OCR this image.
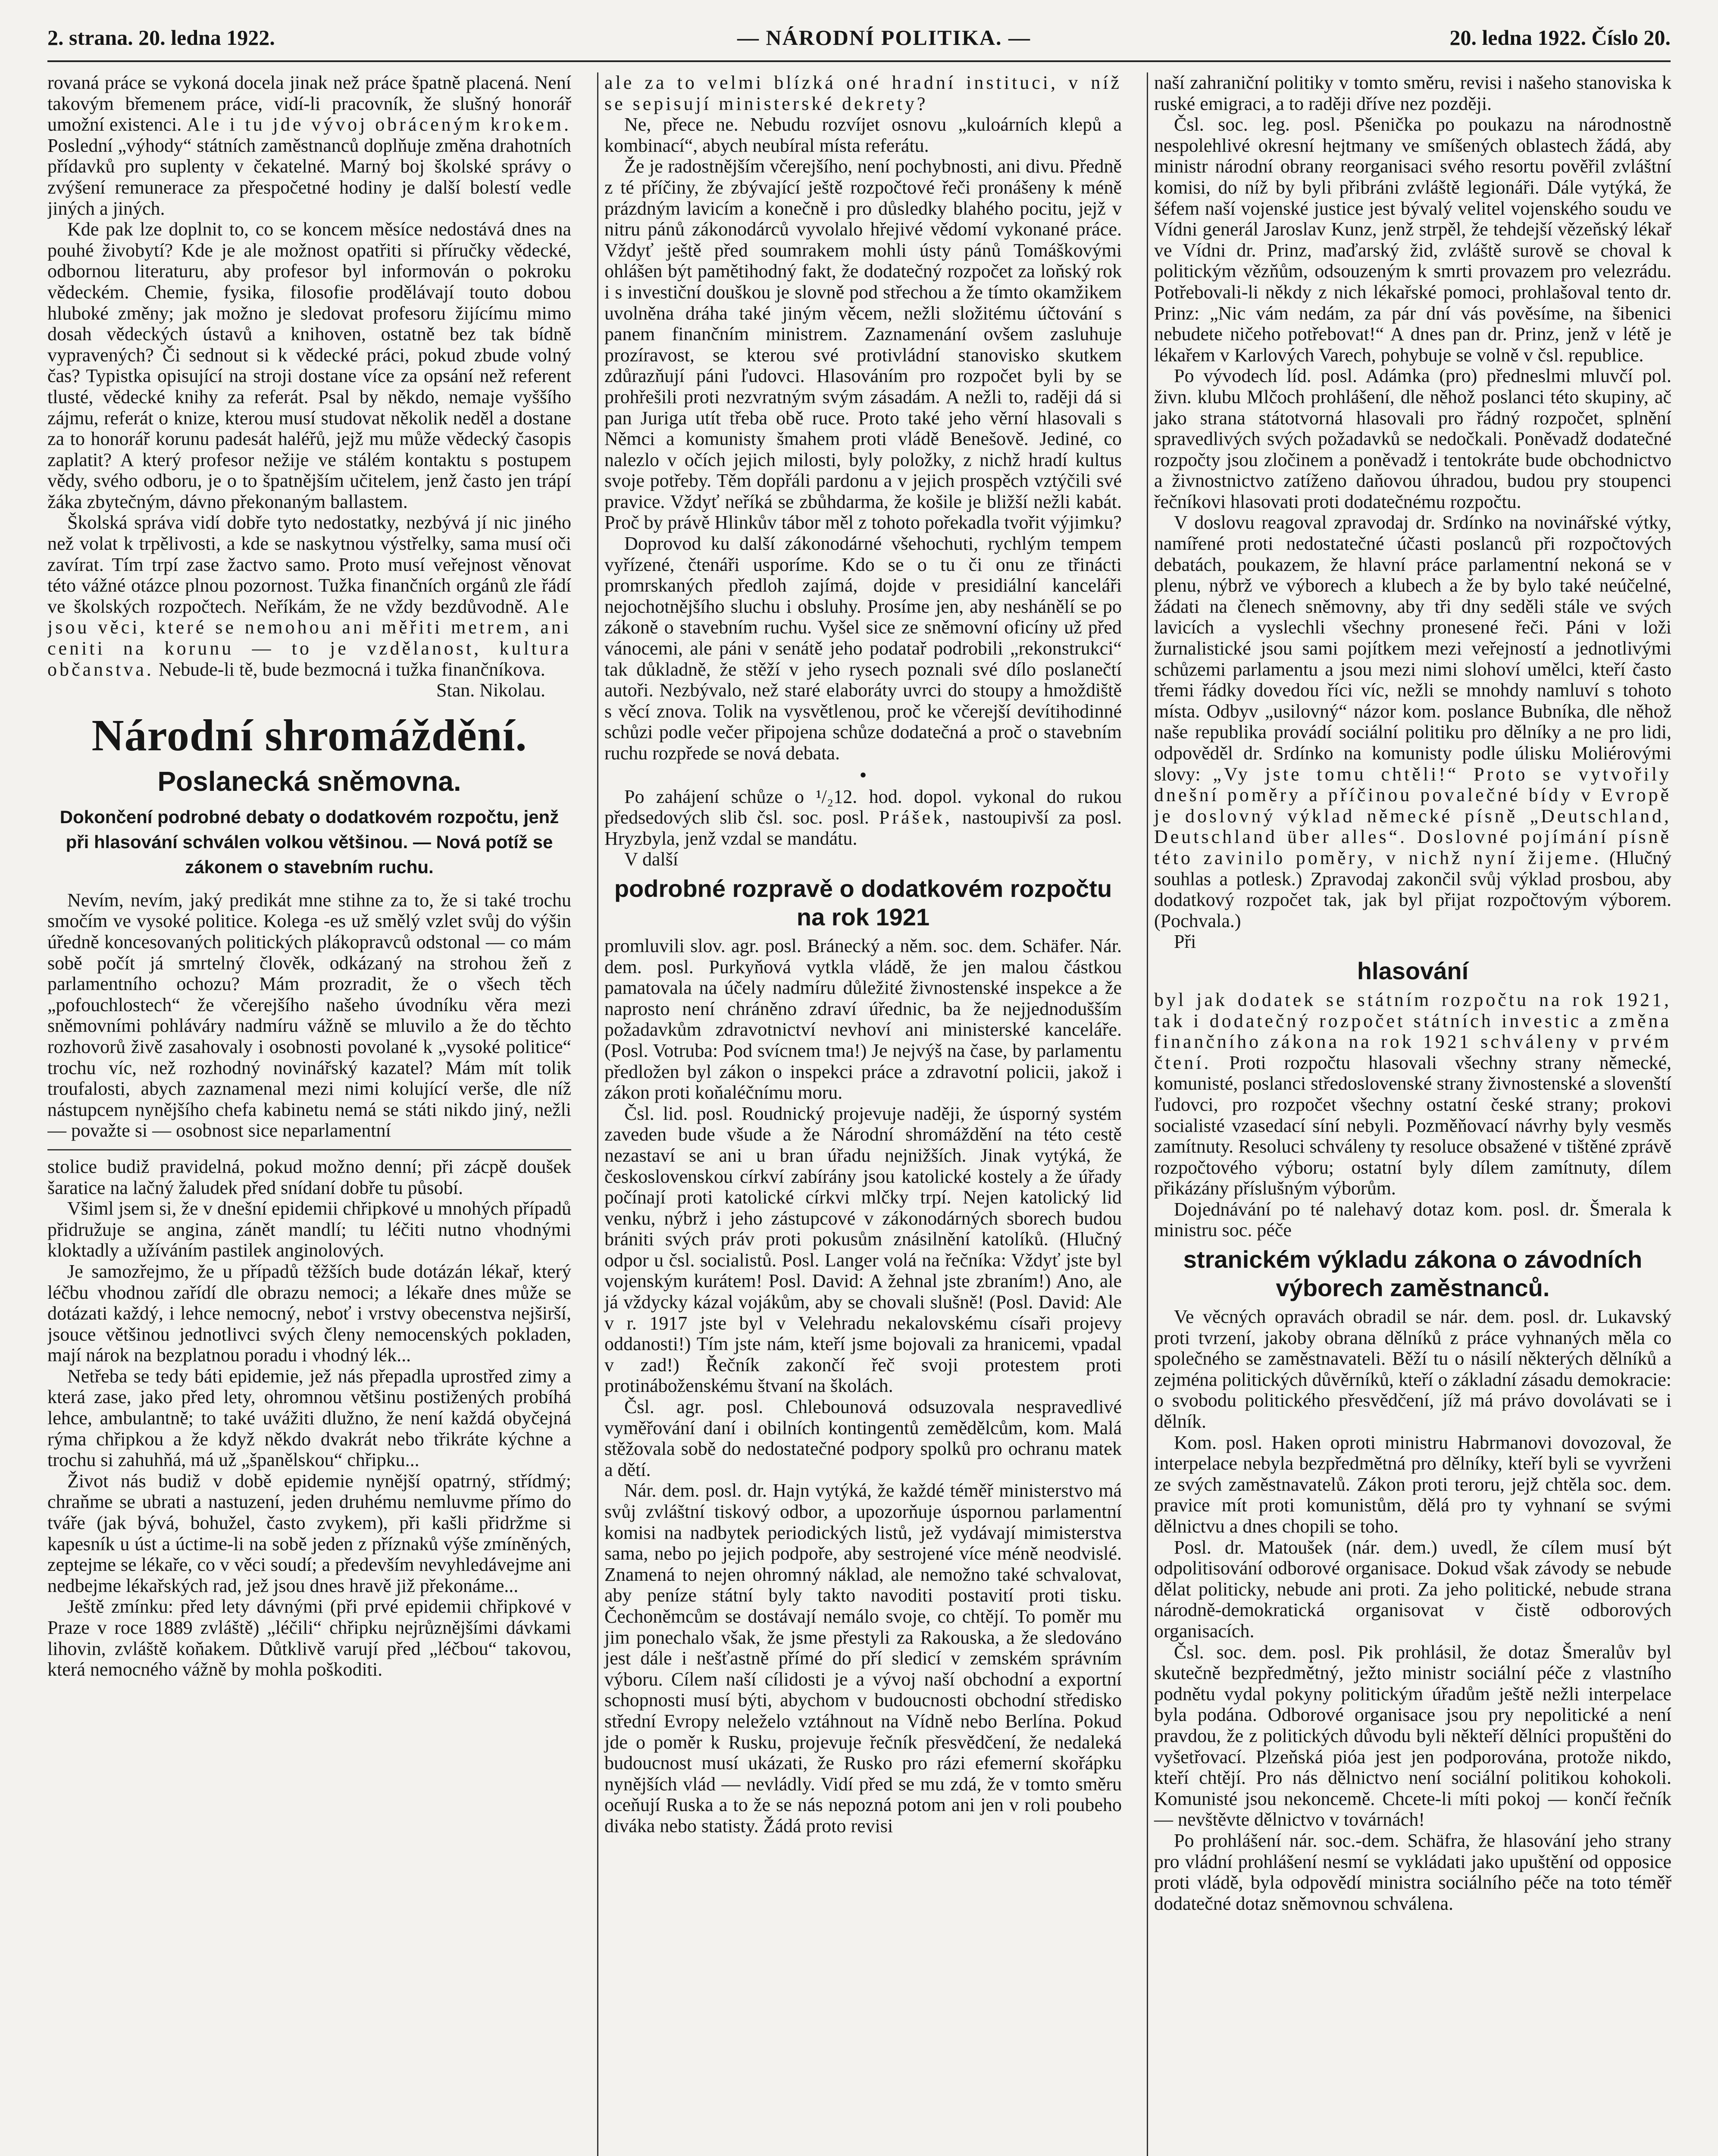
2. strana. 20. ledna 1922.	— NÁRODNÍ POLITIKA. —	20. ledna 1922. Číslo 20.

rovaná práce se vykoná docela jinak než práce špatně placená. Není takovým břemenem práce, vidí-li pracovník, že slušný honorář umožní existenci. Ale i tu jde vývoj obráceným krokem. Poslední „výhody“ státních zaměstnanců doplňuje změna drahotních přídavků pro suplenty v čekatelné. Marný boj školské správy o zvýšení remunerace za přespočetné hodiny je další bolestí vedle jiných a jiných.

Kde pak lze doplnit to, co se koncem měsíce nedostává dnes na pouhé živobytí? Kde je ale možnost opatřiti si příručky vědecké, odbornou literaturu, aby profesor byl informován o pokroku vědeckém. Chemie, fysika, filosofie prodělávají touto dobou hluboké změny; jak možno je sledovat profesoru žijícímu mimo dosah vědeckých ústavů a knihoven, ostatně bez tak bídně vypravených? Či sednout si k vědecké práci, pokud zbude volný čas? Typistka opisující na stroji dostane více za opsání než referent tlusté, vědecké knihy za referát. Psal by někdo, nemaje vyššího zájmu, referát o knize, kterou musí studovat několik neděl a dostane za to honorář korunu padesát haléřů, jejž mu může vědecký časopis zaplatit? A který profesor nežije ve stálém kontaktu s postupem vědy, svého odboru, je o to špatnějším učitelem, jenž často jen trápí žáka zbytečným, dávno překonaným ballastem.

Školská správa vidí dobře tyto nedostatky, nezbývá jí nic jiného než volat k trpělivosti, a kde se naskytnou výstřelky, sama musí oči zavírat. Tím trpí zase žactvo samo. Proto musí veřejnost věnovat této vážné otázce plnou pozornost. Tužka finančních orgánů zle řádí ve školských rozpočtech. Neříkám, že ne vždy bezdůvodně. Ale jsou věci, které se nemohou ani měřiti metrem, ani ceniti na korunu — to je vzdělanost, kultura občanstva. Nebude-li tě, bude bezmocná i tužka finančníkova.

Stan. Nikolau.

Národní shromáždění.
Poslanecká sněmovna.
Dokončení podrobné debaty o dodatkovém rozpočtu, jenž při hlasování schválen volkou většinou. — Nová potíž se zákonem o stavebním ruchu.

Nevím, nevím, jaký predikát mne stihne za to, že si také trochu smočím ve vysoké politice. Kolega -es už smělý vzlet svůj do výšin úředně koncesovaných politických plákopravců odstonal — co mám sobě počít já smrtelný člověk, odkázaný na strohou žeň z parlamentního ochozu? Mám prozradit, že o všech těch „pofouchlostech“ že včerejšího našeho úvodníku věra mezi sněmovními pohláváry nadmíru vážně se mluvilo a že do těchto rozhovorů živě zasahovaly i osobnosti povolané k „vysoké politice“ trochu víc, než rozhodný novinářský kazatel? Mám mít tolik troufalosti, abych zaznamenal mezi nimi kolující verše, dle níž nástupcem nynějšího chefa kabinetu nemá se státi nikdo jiný, nežli — považte si — osobnost sice neparlamentní

stolice budiž pravidelná, pokud možno denní; při zácpě doušek šaratice na lačný žaludek před snídaní dobře tu působí.

Všiml jsem si, že v dnešní epidemii chřipkové u mnohých případů přidružuje se angina, zánět mandlí; tu léčiti nutno vhodnými kloktadly a užíváním pastilek anginolových.

Je samozřejmo, že u případů těžších bude dotázán lékař, který léčbu vhodnou zařídí dle obrazu nemoci; a lékaře dnes může se dotázati každý, i lehce nemocný, neboť i vrstvy obecenstva nejširší, jsouce většinou jednotlivci svých členy nemocenských pokladen, mají nárok na bezplatnou poradu i vhodný lék...

Netřeba se tedy báti epidemie, jež nás přepadla uprostřed zimy a která zase, jako před lety, ohromnou většinu postižených probíhá lehce, ambulantně; to také uvážiti dlužno, že není každá obyčejná rýma chřipkou a že když někdo dvakrát nebo třikráte kýchne a trochu si zahuhňá, má už „španělskou“ chřipku...

Život nás budiž v době epidemie nynější opatrný, střídmý; chraňme se ubrati a nastuzení, jeden druhému nemluvme přímo do tváře (jak bývá, bohužel, často zvykem), při kašli přidržme si kapesník u úst a úctime-li na sobě jeden z příznaků výše zmíněných, zeptejme se lékaře, co v věci soudí; a především nevyhledávejme ani nedbejme lékařských rad, jež jsou dnes hravě již překonáme...

Ještě zmínku: před lety dávnými (při prvé epidemii chřipkové v Praze v roce 1889 zvláště) „léčili“ chřipku nejrůznějšími dávkami lihovin, zvláště koňakem. Důtklivě varují před „léčbou“ takovou, která nemocného vážně by mohla poškoditi.

ale za to velmi blízká oné hradní instituci, v níž se sepisují ministerské dekrety?

Ne, přece ne. Nebudu rozvíjet osnovu „kuloárních klepů a kombinací“, abych neubíral místa referátu.

Že je radostnějším včerejšího, není pochybnosti, ani divu. Předně z té příčiny, že zbývající ještě rozpočtové řeči pronášeny k méně prázdným lavicím a konečně i pro důsledky blahého pocitu, jejž v nitru pánů zákonodárců vyvolalo hřejivé vědomí vykonané práce. Vždyť ještě před soumrakem mohli ústy pánů Tomáškovými ohlášen být pamětihodný fakt, že dodatečný rozpočet za loňský rok i s investiční douškou je slovně pod střechou a že tímto okamžikem uvolněna dráha také jiným věcem, nežli složitému účtování s panem finančním ministrem. Zaznamenání ovšem zasluhuje prozíravost, se kterou své protivládní stanovisko skutkem zdůrazňují páni ľudovci. Hlasováním pro rozpočet byli by se prohřešili proti nezvratným svým zásadám. A nežli to, raději dá si pan Juriga utít třeba obě ruce. Proto také jeho věrní hlasovali s Němci a komunisty šmahem proti vládě Benešově. Jediné, co nalezlo v očích jejich milosti, byly položky, z nichž hradí kultus svoje potřeby. Těm dopřáli pardonu a v jejich prospěch vztýčili své pravice. Vždyť neříká se zbůhdarma, že košile je bližší nežli kabát. Proč by právě Hlinkův tábor měl z tohoto pořekadla tvořit výjimku?

Doprovod ku další zákonodárné všehochuti, rychlým tempem vyřízené, čtenáři usporíme. Kdo se o tu či onu ze třinácti promrskaných předloh zajímá, dojde v presidiální kanceláři nejochotnějšího sluchu i obsluhy. Prosíme jen, aby neshánělí se po zákoně o stavebním ruchu. Vyšel sice ze sněmovní oficíny už před vánocemi, ale páni v senátě jeho podatař podrobili „rekonstrukci“ tak důkladně, že stěží v jeho rysech poznali své dílo poslanečtí autoři. Nezbývalo, než staré elaboráty uvrci do stoupy a hmoždiště s věcí znova. Tolik na vysvětlenou, proč ke včerejší devítihodinné schůzi podle večer připojena schůze dodatečná a proč o stavebním ruchu rozpřede se nová debata.

•

Po zahájení schůze o ¹/₂12. hod. dopol. vykonal do rukou předsedových slib čsl. soc. posl. Prášek, nastoupivší za posl. Hryzbyla, jenž vzdal se mandátu.

V další

podrobné rozpravě o dodatkovém rozpočtu na rok 1921

promluvili slov. agr. posl. Bránecký a něm. soc. dem. Schäfer. Nár. dem. posl. Purkyňová vytkla vládě, že jen malou částkou pamatovala na účely nadmíru důležité živnostenské inspekce a že naprosto není chráněno zdraví úřednic, ba že nejjednodušším požadavkům zdravotnictví nevhoví ani ministerské kanceláře. (Posl. Votruba: Pod svícnem tma!) Je nejvýš na čase, by parlamentu předložen byl zákon o inspekci práce a zdravotní policii, jakož i zákon proti koňaléčnímu moru.

Čsl. lid. posl. Roudnický projevuje naději, že úsporný systém zaveden bude všude a že Národní shromáždění na této cestě nezastaví se ani u bran úřadu nejnižších. Jinak vytýká, že československou církví zabírány jsou katolické kostely a že úřady počínají proti katolické církvi mlčky trpí. Nejen katolický lid venku, nýbrž i jeho zástupcové v zákonodárných sborech budou brániti svých práv proti pokusům znásilnění katolíků. (Hlučný odpor u čsl. socialistů. Posl. Langer volá na řečníka: Vždyť jste byl vojenským kurátem! Posl. David: A žehnal jste zbraním!) Ano, ale já vždycky kázal vojákům, aby se chovali slušně! (Posl. David: Ale v r. 1917 jste byl v Velehradu nekalovskému císaři projevy oddanosti!) Tím jste nám, kteří jsme bojovali za hranicemi, vpadal v zad!) Řečník zakončí řeč svoji protestem proti protináboženskému štvaní na školách.

Čsl. agr. posl. Chlebounová odsuzovala nespravedlivé vyměřování daní i obilních kontingentů zemědělcům, kom. Malá stěžovala sobě do nedostatečné podpory spolků pro ochranu matek a dětí.

Nár. dem. posl. dr. Hajn vytýká, že každé téměř ministerstvo má svůj zvláštní tiskový odbor, a upozorňuje úspornou parlamentní komisi na nadbytek periodických listů, jež vydávají mimisterstva sama, nebo po jejich podpoře, aby sestrojené více méně neodvislé. Znamená to nejen ohromný náklad, ale nemožno také schvalovat, aby peníze státní byly takto navoditi postavití proti tisku. Čechoněmcům se dostávají nemálo svoje, co chtějí. To poměr mu jim ponechalo však, že jsme přestyli za Rakouska, a že sledováno jest dále i nešťastně přímé do pří sledicí v zemském správním výboru. Cílem naší cílidosti je a vývoj naší obchodní a exportní schopnosti musí býti, abychom v budoucnosti obchodní středisko střední Evropy neleželo vztáhnout na Vídně nebo Berlína. Pokud jde o poměr k Rusku, projevuje řečník přesvědčení, že nedaleká budoucnost musí ukázati, že Rusko pro rázi efemerní skořápku nynějších vlád — nevládly. Vidí před se mu zdá, že v tomto směru oceňují Ruska a to že se nás nepozná potom ani jen v roli poubeho diváka nebo statisty. Žádá proto revisi

naší zahraniční politiky v tomto směru, revisi i našeho stanoviska k ruské emigraci, a to raději dříve nez později.

Čsl. soc. leg. posl. Pšenička po poukazu na národnostně nespolehlivé okresní hejtmany ve smíšených oblastech žádá, aby ministr národní obrany reorganisaci svého resortu pověřil zvláštní komisi, do níž by byli přibráni zvláště legionáři. Dále vytýká, že šéfem naší vojenské justice jest bývalý velitel vojenského soudu ve Vídni generál Jaroslav Kunz, jenž strpěl, že tehdejší vězeňský lékař ve Vídni dr. Prinz, maďarský žid, zvláště surově se choval k politickým vězňům, odsouzeným k smrti provazem pro velezrádu. Potřebovali-li někdy z nich lékařské pomoci, prohlašoval tento dr. Prinz: „Nic vám nedám, za pár dní vás pověsíme, na šibenici nebudete ničeho potřebovat!“ A dnes pan dr. Prinz, jenž v létě je lékařem v Karlových Varech, pohybuje se volně v čsl. republice.

Po vývodech líd. posl. Adámka (pro) předneslmi mluvčí pol. živn. klubu Mlčoch prohlášení, dle něhož poslanci této skupiny, ač jako strana státotvorná hlasovali pro řádný rozpočet, splnění spravedlivých svých požadavků se nedočkali. Poněvadž dodatečné rozpočty jsou zločinem a poněvadž i tentokráte bude obchodnictvo a živnostnictvo zatíženo daňovou úhradou, budou pry stoupenci řečníkovi hlasovati proti dodatečnému rozpočtu.

V doslovu reagoval zpravodaj dr. Srdínko na novinářské výtky, namířené proti nedostatečné účasti poslanců při rozpočtových debatách, poukazem, že hlavní práce parlamentní nekoná se v plenu, nýbrž ve výborech a klubech a že by bylo také neúčelné, žádati na členech sněmovny, aby tři dny seděli stále ve svých lavicích a vyslechli všechny pronesené řeči. Páni v loži žurnalistické jsou sami pojítkem mezi veřejností a jednotlivými schůzemi parlamentu a jsou mezi nimi slohoví umělci, kteří často třemi řádky dovedou říci víc, nežli se mnohdy namluví s tohoto místa. Odbyv „usilovný“ názor kom. poslance Bubníka, dle něhož naše republika provádí sociální politiku pro dělníky a ne pro lidi, odpověděl dr. Srdínko na komunisty podle úlisku Moliérovými slovy: „Vy jste tomu chtěli!“ Proto se vytvořily dnešní poměry a příčinou povalečné bídy v Evropě je doslovný výklad německé písně „Deutschland, Deutschland über alles“. Doslovné pojímání písně této zavinilo poměry, v nichž nyní žijeme. (Hlučný souhlas a potlesk.) Zpravodaj zakončil svůj výklad prosbou, aby dodatkový rozpočet tak, jak byl přijat rozpočtovým výborem. (Pochvala.)

Při

hlasování

byl jak dodatek se státním rozpočtu na rok 1921, tak i dodatečný rozpočet státních investic a změna finančního zákona na rok 1921 schváleny v prvém čtení. Proti rozpočtu hlasovali všechny strany německé, komunisté, poslanci středoslovenské strany živnostenské a slovenští ľudovci, pro rozpočet všechny ostatní české strany; prokovi socialisté vzasedací síní nebyli. Pozměňovací návrhy byly vesměs zamítnuty. Resoluci schváleny ty resoluce obsažené v tištěné zprávě rozpočtového výboru; ostatní byly dílem zamítnuty, dílem přikázány příslušným výborům.

Dojednávání po té nalehavý dotaz kom. posl. dr. Šmerala k ministru soc. péče

stranickém výkladu zákona o závodních výborech zaměstnanců.

Ve věcných opravách obradil se nár. dem. posl. dr. Lukavský proti tvrzení, jakoby obrana dělníků z práce vyhnaných měla co společného se zaměstnavateli. Běží tu o násilí některých dělníků a zejména politických důvěrníků, kteří o základní zásadu demokracie: o svobodu politického přesvědčení, jíž má právo dovolávati se i dělník.

Kom. posl. Haken oproti ministru Habrmanovi dovozoval, že interpelace nebyla bezpředmětná pro dělníky, kteří byli se vyvrženi ze svých zaměstnavatelů. Zákon proti teroru, jejž chtěla soc. dem. pravice mít proti komunistům, dělá pro ty vyhnaní se svými dělnictvu a dnes chopili se toho.

Posl. dr. Matoušek (nár. dem.) uvedl, že cílem musí být odpolitisování odborové organisace. Dokud však závody se nebude dělat politicky, nebude ani proti. Za jeho politické, nebude strana národně-demokratická organisovat v čistě odborových organisacích.

Čsl. soc. dem. posl. Pik prohlásil, že dotaz Šmeralův byl skutečně bezpředmětný, ježto ministr sociální péče z vlastního podnětu vydal pokyny politickým úřadům ještě nežli interpelace byla podána. Odborové organisace jsou pry nepolitické a není pravdou, že z politických důvodu byli někteří dělníci propuštěni do vyšetřovací. Plzeňská pióa jest jen podporována, protože nikdo, kteří chtějí. Pro nás dělnictvo není sociální politikou kohokoli. Komunisté jsou nekoncemě. Chcete-li míti pokoj — končí řečník — nevštěvte dělnictvo v továrnách!

Po prohlášení nár. soc.-dem. Schäfra, že hlasování jeho strany pro vládní prohlášení nesmí se vykládati jako upuštění od opposice proti vládě, byla odpovědí ministra sociálního péče na toto téměř dodatečné dotaz sněmovnou schválena.
